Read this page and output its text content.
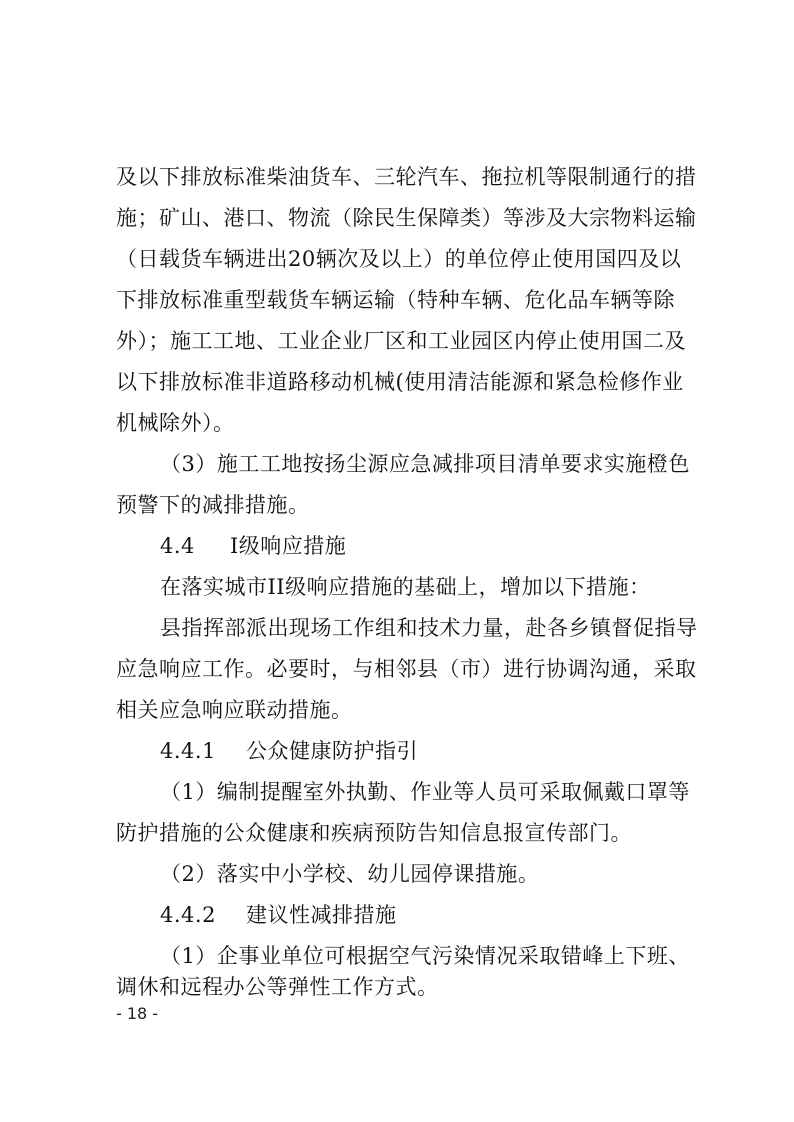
及以下排放标准柴油货车、三轮汽车、拖拉机等限制通行的措
施；矿山、港口、物流（除民生保障类）等涉及大宗物料运输
（日载货车辆进出20辆次及以上）的单位停止使用国四及以
下排放标准重型载货车辆运输（特种车辆、危化品车辆等除
外）；施工工地、工业企业厂区和工业园区内停止使用国二及
以下排放标准非道路移动机械(使用清洁能源和紧急检修作业
机械除外）。
（3）施工工地按扬尘源应急减排项目清单要求实施橙色
预警下的减排措施。
4.4 Ⅰ级响应措施
在落实城市II级响应措施的基础上，增加以下措施：
县指挥部派出现场工作组和技术力量，赴各乡镇督促指导
应急响应工作。必要时，与相邻县（市）进行协调沟通，采取
相关应急响应联动措施。
4.4.1 公众健康防护指引
（1）编制提醒室外执勤、作业等人员可采取佩戴口罩等
防护措施的公众健康和疾病预防告知信息报宣传部门。
（2）落实中小学校、幼儿园停课措施。
4.4.2 建议性减排措施
（1）企事业单位可根据空气污染情况采取错峰上下班、
调休和远程办公等弹性工作方式。
- 18 -
